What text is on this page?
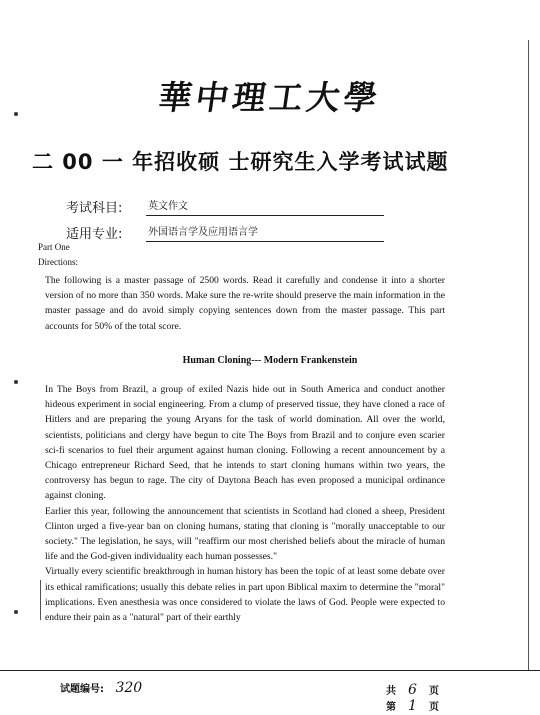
華中理工大學
二 00 一 年招收硕 士研究生入学考试试题
考试科目:	英文作文
适用专业:	外国语言学及应用语言学
Part One
Directions:
The following is a master passage of 2500 words. Read it carefully and condense it into a shorter version of no more than 350 words. Make sure the re-write should preserve the main information in the master passage and do avoid simply copying sentences down from the master passage. This part accounts for 50% of the total score.
Human Cloning--- Modern Frankenstein

In The Boys from Brazil, a group of exiled Nazis hide out in South America and conduct another hideous experiment in social engineering. From a clump of preserved tissue, they have cloned a race of Hitlers and are preparing the young Aryans for the task of world domination. All over the world, scientists, politicians and clergy have begun to cite The Boys from Brazil and to conjure even scarier sci-fi scenarios to fuel their argument against human cloning. Following a recent announcement by a Chicago entrepreneur Richard Seed, that he intends to start cloning humans within two years, the controversy has begun to rage. The city of Daytona Beach has even proposed a municipal ordinance against cloning.

Earlier this year, following the announcement that scientists in Scotland had cloned a sheep, President Clinton urged a five-year ban on cloning humans, stating that cloning is "morally unacceptable to our society." The legislation, he says, will "reaffirm our most cherished beliefs about the miracle of human life and the God-given individuality each human possesses."

Virtually every scientific breakthrough in human history has been the topic of at least some debate over its ethical ramifications; usually this debate relies in part upon Biblical maxim to determine the "moral" implications. Even anesthesia was once considered to violate the laws of God. People were expected to endure their pain as a "natural" part of their earthly

试题编号: 320	共 6 页
第 1 页
